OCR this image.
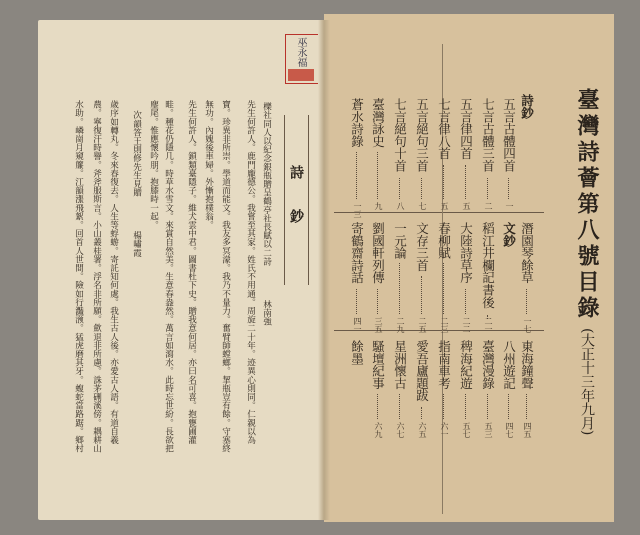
巫永福
詩鈔
櫟社同人以紀念銀瓶贈呈鶴亭社長賦以二詩　　　　林南強
先生何許人。鹿門龐德公。我嘗至其家。姓氏不用通。周旋二十年。迹異心則同。仁親以為
寶。珍異非所崇。學道而能文。我友多冥濛。我乃不量力。奮臂師螳螂。挈瓶豈有餘。守塞終
無功。內媿後車婦。外慚抱樸翁。
先生何許人。鎖類臺隱子。維犬雲中君。圖書杜下史。贈我意何居。亦曰名可喜。抱甕圃灌
畦。種花仍隱几。時草水雪文。來賞自然美。生意春盎然。萬言如瀉水。此時忘世紛。長欲把
麈尾。惟應懷吟朋。抱膝時一起。
　次韻答王則修先生見贈　　　　楊嘯霞
歲序如轉丸。冬來春復去。人生等蜉蝣。寄託知何處。我生古人後。亦愛古人語。有道自羲
農。寧復汗時譽。斧斧服斯言。小山叢桂署。浮名非所願。歛退非所慮。誅茅硎溪傍。耦耕山
水助。嶙崗月窺簾。江韻漲飛絮。回首人世間。險如行灎滪。猛虎磨其牙。蝮蛇當路踞。鄉村	臺灣詩薈第八號目錄
(大正十三年九月)
詩鈔
五言古體四首
一
七言古體三首
二
五言律四首
五
七言律八首
五
五言絕句三首
七
七言絕句十首
八
臺灣詠史
九
蒼水詩錄
一三
潛園琴餘草
一七
文鈔
稻江井欄記書後
二一
大陸詩草序
二二
春柳賦
二三
文存三首
二五
一元論
二九
劉國軒列傳
三五
寄鶴齋詩話
四一
東海鐘聲
四五
八州遊記
四七
臺灣漫錄
五三
稗海紀遊
五七
指南車考
六一
愛吾廬題跋
六五
星洲懷古
六七
騷壇紀事
六九
餘墨
